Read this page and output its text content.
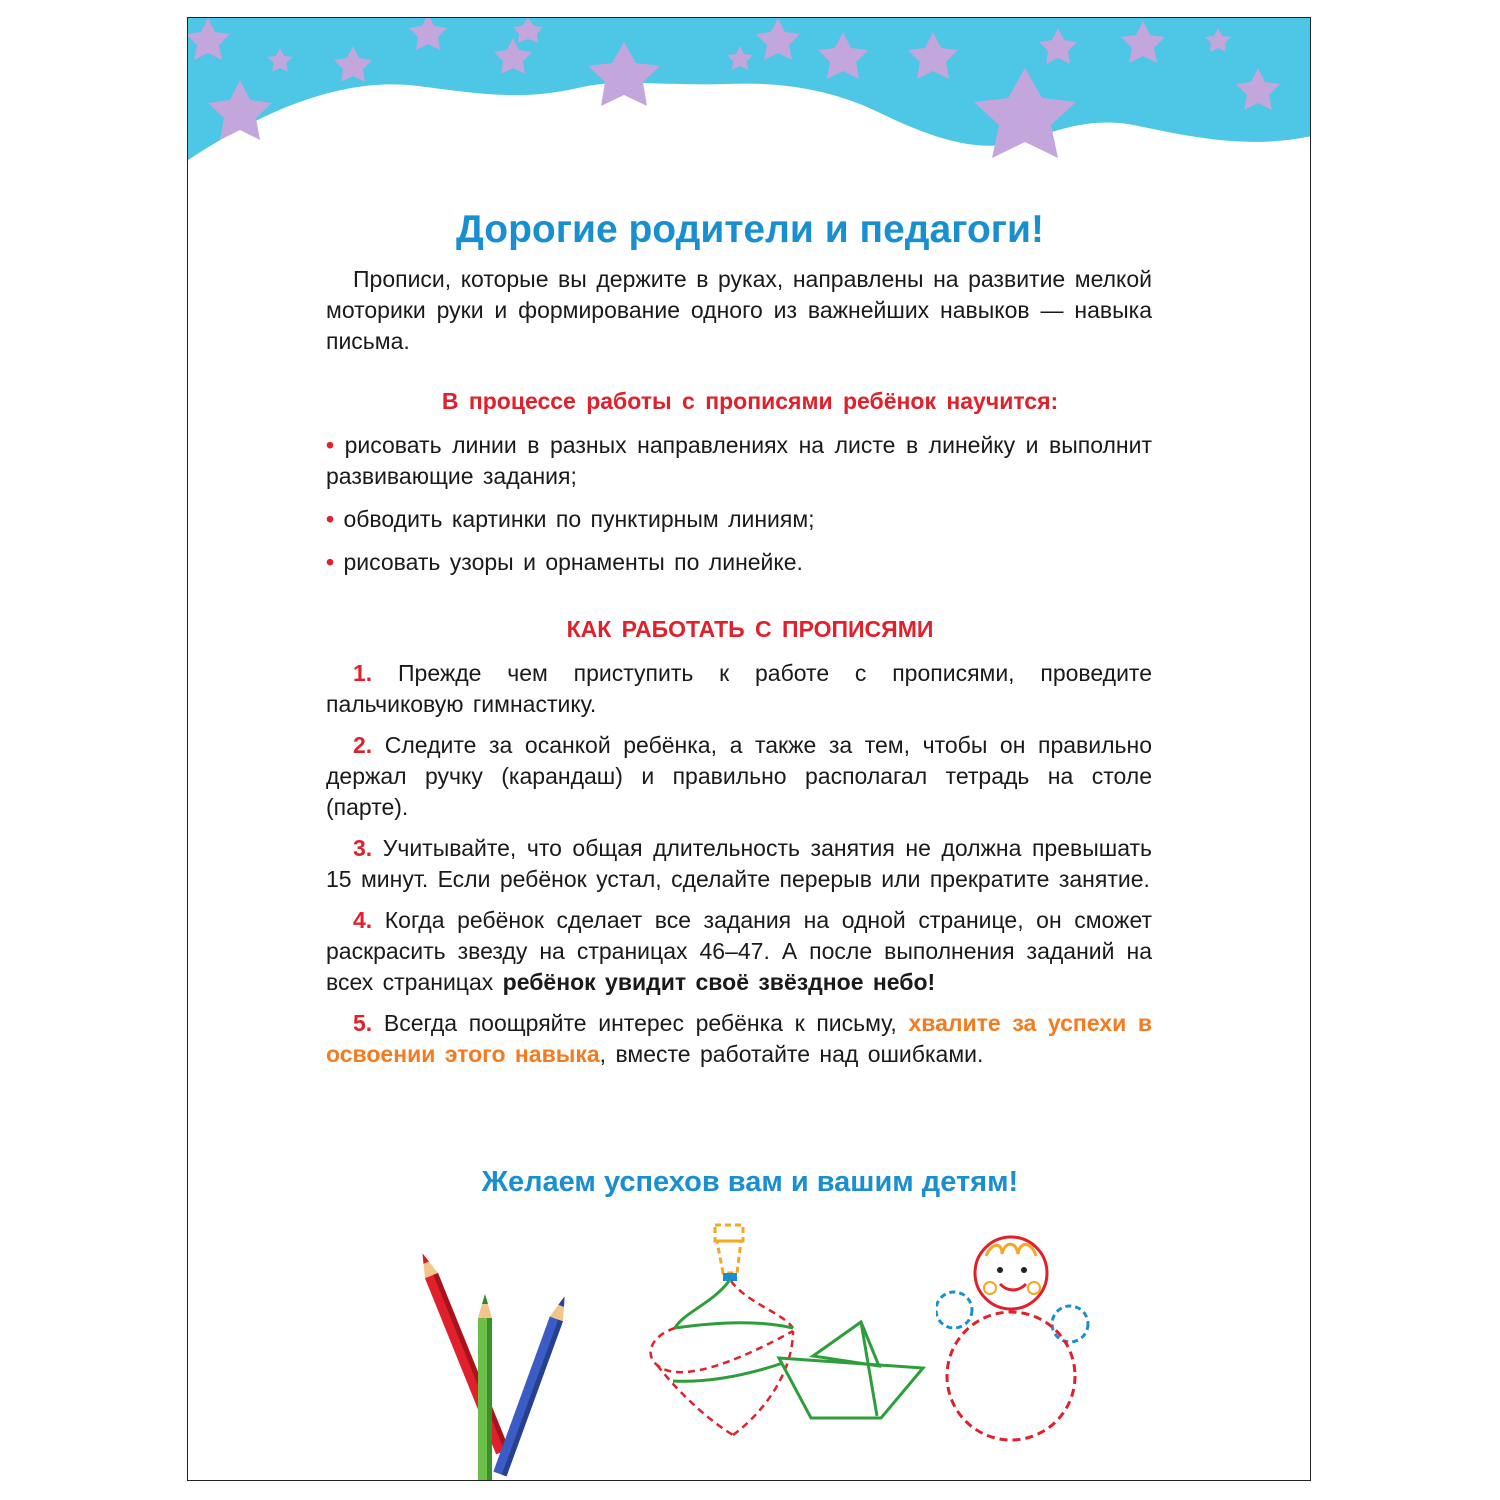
Дорогие родители и педагоги!
Прописи, которые вы держите в руках, направлены на развитие мелкой моторики руки и формирование одного из важнейших навыков — навыка письма.
В процессе работы с прописями ребёнок научится:

• рисовать линии в разных направлениях на листе в линейку и выполнит развивающие задания;

• обводить картинки по пунктирным линиям;

• рисовать узоры и орнаменты по линейке.

КАК РАБОТАТЬ С ПРОПИСЯМИ

1. Прежде чем приступить к работе с прописями, проведите пальчиковую гимнастику.

2. Следите за осанкой ребёнка, а также за тем, чтобы он правильно держал ручку (карандаш) и правильно располагал тетрадь на столе (парте).

3. Учитывайте, что общая длительность занятия не должна превышать 15 минут. Если ребёнок устал, сделайте перерыв или прекратите занятие.

4. Когда ребёнок сделает все задания на одной странице, он сможет раскрасить звезду на страницах 46–47. А после выполнения заданий на всех страницах ребёнок увидит своё звёздное небо!

5. Всегда поощряйте интерес ребёнка к письму, хвалите за успехи в освоении этого навыка, вместе работайте над ошибками.

Желаем успехов вам и вашим детям!
